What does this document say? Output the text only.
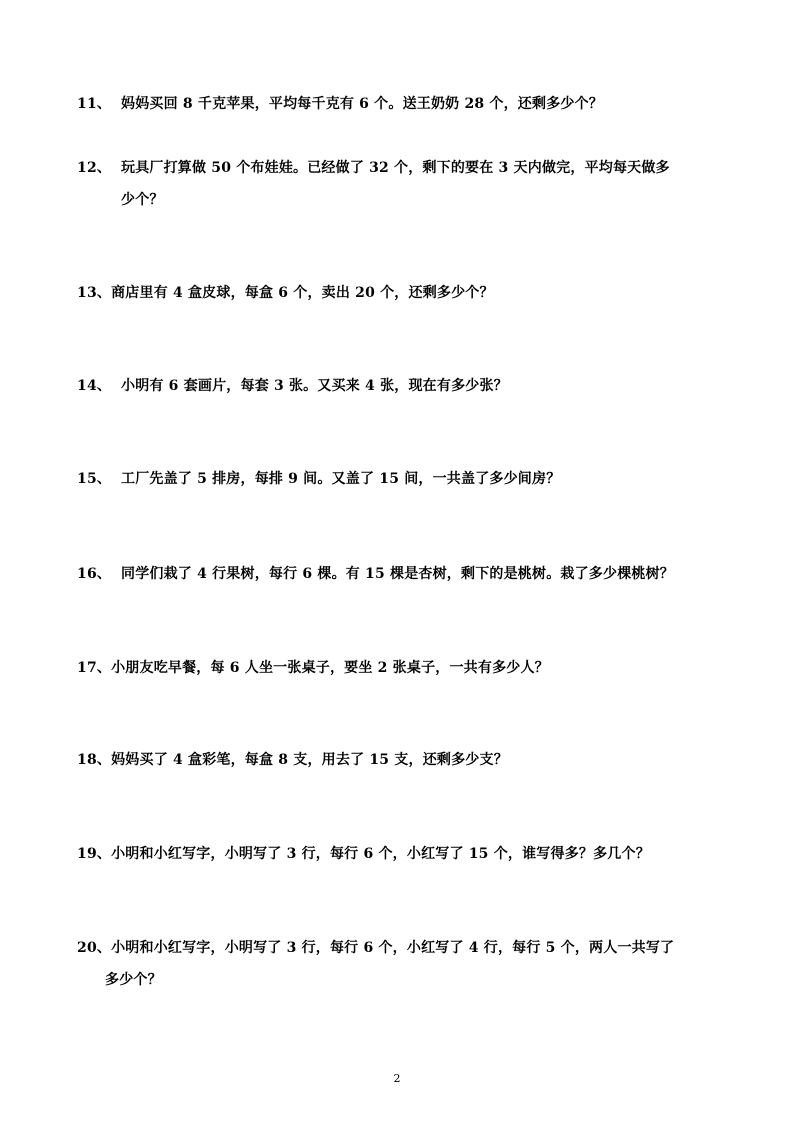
11、 妈妈买回 8 千克苹果，平均每千克有 6 个。送王奶奶 28 个，还剩多少个？
12、 玩具厂打算做 50 个布娃娃。已经做了 32 个，剩下的要在 3 天内做完，平均每天做多
少个？
13、商店里有 4 盒皮球，每盒 6 个，卖出 20 个，还剩多少个？
14、 小明有 6 套画片，每套 3 张。又买来 4 张，现在有多少张？
15、 工厂先盖了 5 排房，每排 9 间。又盖了 15 间，一共盖了多少间房？
16、 同学们栽了 4 行果树，每行 6 棵。有 15 棵是杏树，剩下的是桃树。栽了多少棵桃树？
17、小朋友吃早餐，每 6 人坐一张桌子，要坐 2 张桌子，一共有多少人？
18、妈妈买了 4 盒彩笔，每盒 8 支，用去了 15 支，还剩多少支？
19、小明和小红写字，小明写了 3 行，每行 6 个，小红写了 15 个，谁写得多？多几个？
20、小明和小红写字，小明写了 3 行，每行 6 个，小红写了 4 行，每行 5 个，两人一共写了
多少个？
2
